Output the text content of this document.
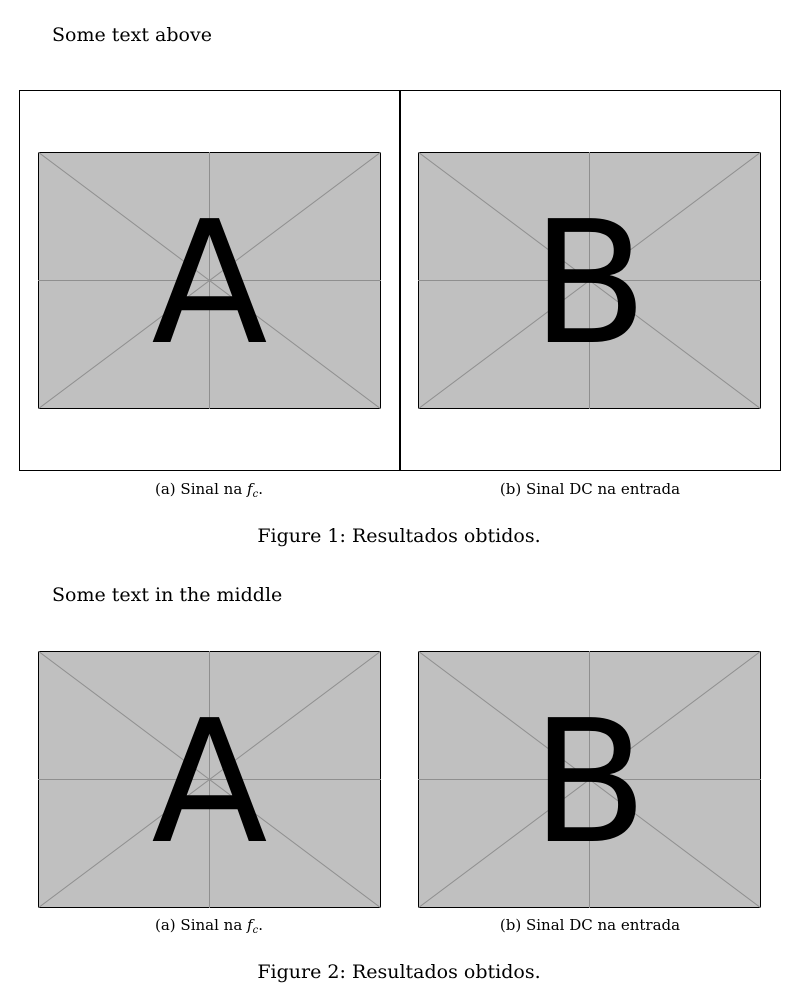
Some text above

A B
(a) Sinal na $f_c$.	(b) Sinal DC na entrada
Figure 1: Resultados obtidos.

Some text in the middle

A B
(a) Sinal na $f_c$.	(b) Sinal DC na entrada
Figure 2: Resultados obtidos.
